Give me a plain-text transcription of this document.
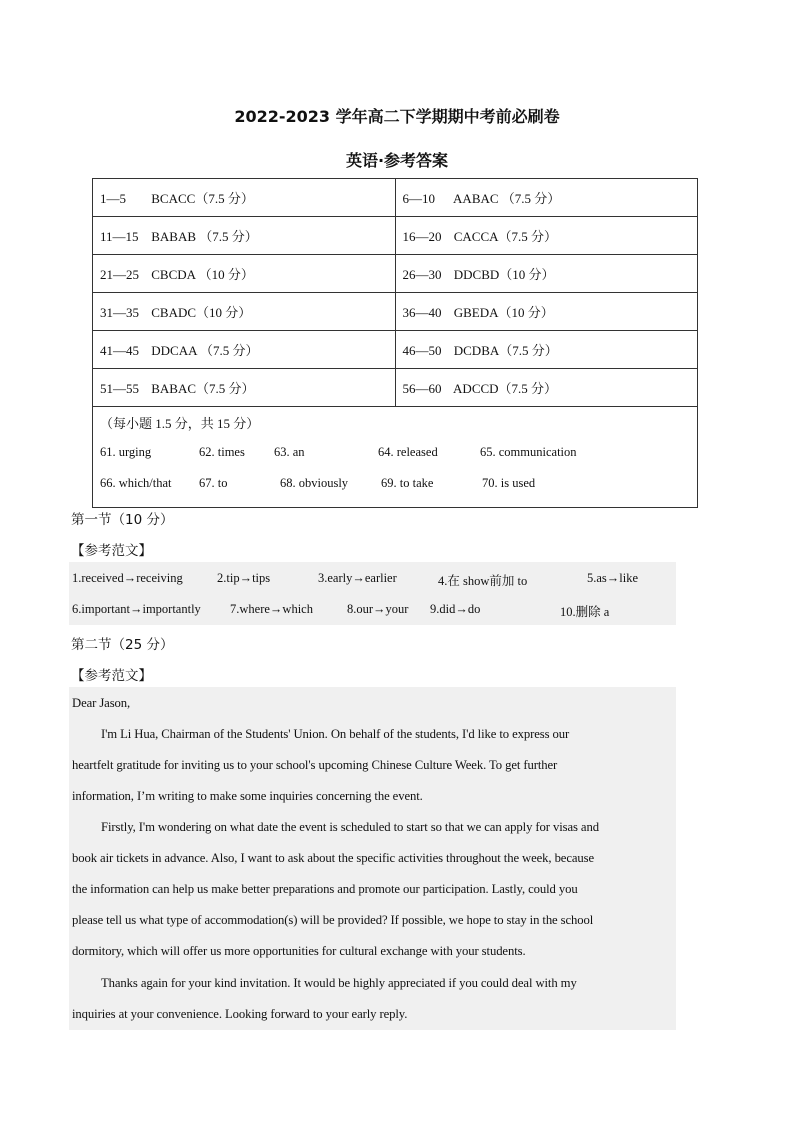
2022-2023 学年高二下学期期中考前必刷卷
英语·参考答案
1—5 BCACC（7.5 分）	6—10 AABAC （7.5 分）
11—15 BABAB （7.5 分）	16—20 CACCA（7.5 分）
21—25 CBCDA （10 分）	26—30 DDCBD（10 分）
31—35 CBADC（10 分）	36—40 GBEDA（10 分）
41—45 DDCAA （7.5 分）	46—50 DCDBA（7.5 分）
51—55 BABAC（7.5 分）	56—60 ADCCD（7.5 分）

（每小题 1.5 分，共 15 分）
61. urging 62. times 63. an 64. released 65. communication
66. which/that 67. to 68. obviously 69. to take 70. is used	
第一节（10 分）
【参考范文】
1.received→receiving	2.tip→tips	3.early→earlier	4.在 show前加 to	5.as→like
6.important→importantly 7.where→which	8.our→your 9.did→do	10.删除 a
第二节（25 分）
【参考范文】
Dear Jason,
I'm Li Hua, Chairman of the Students' Union. On behalf of the students, I'd like to express our
heartfelt gratitude for inviting us to your school's upcoming Chinese Culture Week. To get further
information, I’m writing to make some inquiries concerning the event.
Firstly, I'm wondering on what date the event is scheduled to start so that we can apply for visas and
book air tickets in advance. Also, I want to ask about the specific activities throughout the week, because
the information can help us make better preparations and promote our participation. Lastly, could you
please tell us what type of accommodation(s) will be provided? If possible, we hope to stay in the school
dormitory, which will offer us more opportunities for cultural exchange with your students.
Thanks again for your kind invitation. It would be highly appreciated if you could deal with my
inquiries at your convenience. Looking forward to your early reply.
